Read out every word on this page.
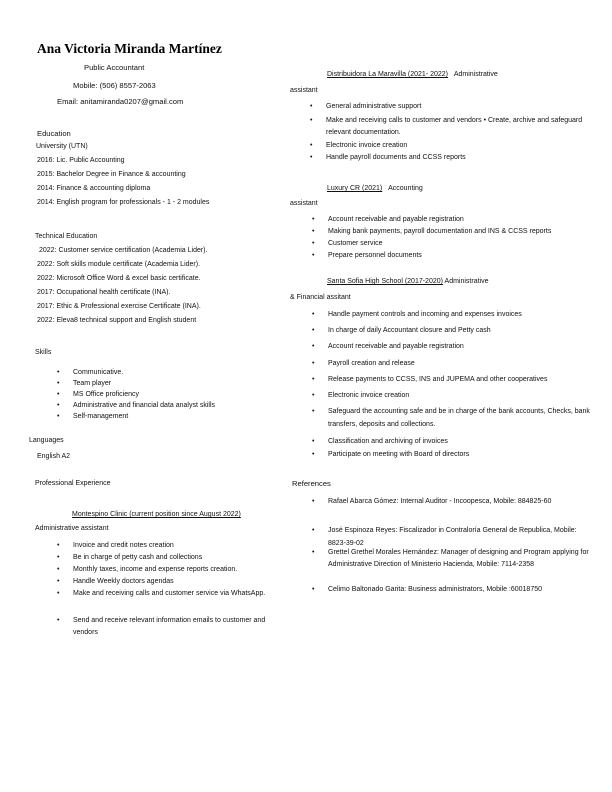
Ana Victoria Miranda Martínez
Public Accountant
Mobile: (506) 8557-2063
Email: anitamiranda0207@gmail.com
Education
University (UTN)
2016: Lic. Public Accounting
2015: Bachelor Degree in Finance & accounting
2014: Finance & accounting diploma
2014: English program for professionals - 1 - 2 modules
Technical Education
2022: Customer service certification (Academia Lider).
2022: Soft skills module certificate (Academia Lider).
2022: Microsoft Office Word & excel basic certificate.
2017: Occupational health certificate (INA).
2017: Ethic & Professional exercise Certificate (INA).
2022: Eleva8 technical support and English student
Skills
• Communicative.
• Team player
• MS Office proficiency
• Administrative and financial data analyst skills
• Self-management
Languages
English A2
Professional Experience
Montespino Clinic (current position since August 2022)
Administrative assistant
• Invoice and credit notes creation
• Be in charge of petty cash and collections
• Monthly taxes, income and expense reports creation.
• Handle Weekly doctors agendas
• Make and receiving calls and customer service via WhatsApp.
• Send and receive relevant information emails to customer and vendors
Distribuidora La Maravilla (2021- 2022) Administrative
assistant
• General administrative support
• Make and receiving calls to customer and vendors • Create, archive and safeguard relevant documentation.
• Electronic invoice creation
• Handle payroll documents and CCSS reports
Luxury CR (2021) Accounting
assistant
• Account receivable and payable registration
• Making bank payments, payroll documentation and INS & CCSS reports
• Customer service
• Prepare personnel documents
Santa Sofia High School (2017-2020) Administrative
& Financial assitant
• Handle payment controls and incoming and expenses invoices
• In charge of daily Accountant closure and Petty cash
• Account receivable and payable registration
• Payroll creation and release
• Release payments to CCSS, INS and JUPEMA and other cooperatives
• Electronic invoice creation
• Safeguard the accounting safe and be in charge of the bank accounts, Checks, bank transfers, deposits and collections.
• Classification and archiving of invoices
• Participate on meeting with Board of directors
References
• Rafael Abarca Gómez: Internal Auditor - Incoopesca, Mobile: 884825-60
• José Espinoza Reyes: Fiscalizador in Contraloría General de Republica, Mobile: 8823-39-02
• Grettel Grethel Morales Hernández: Manager of designing and Program applying for Administrative Direction of Ministerio Hacienda, Mobile: 7114-2358
• Celimo Baltonado Garita: Business administrators, Mobile :60018750
